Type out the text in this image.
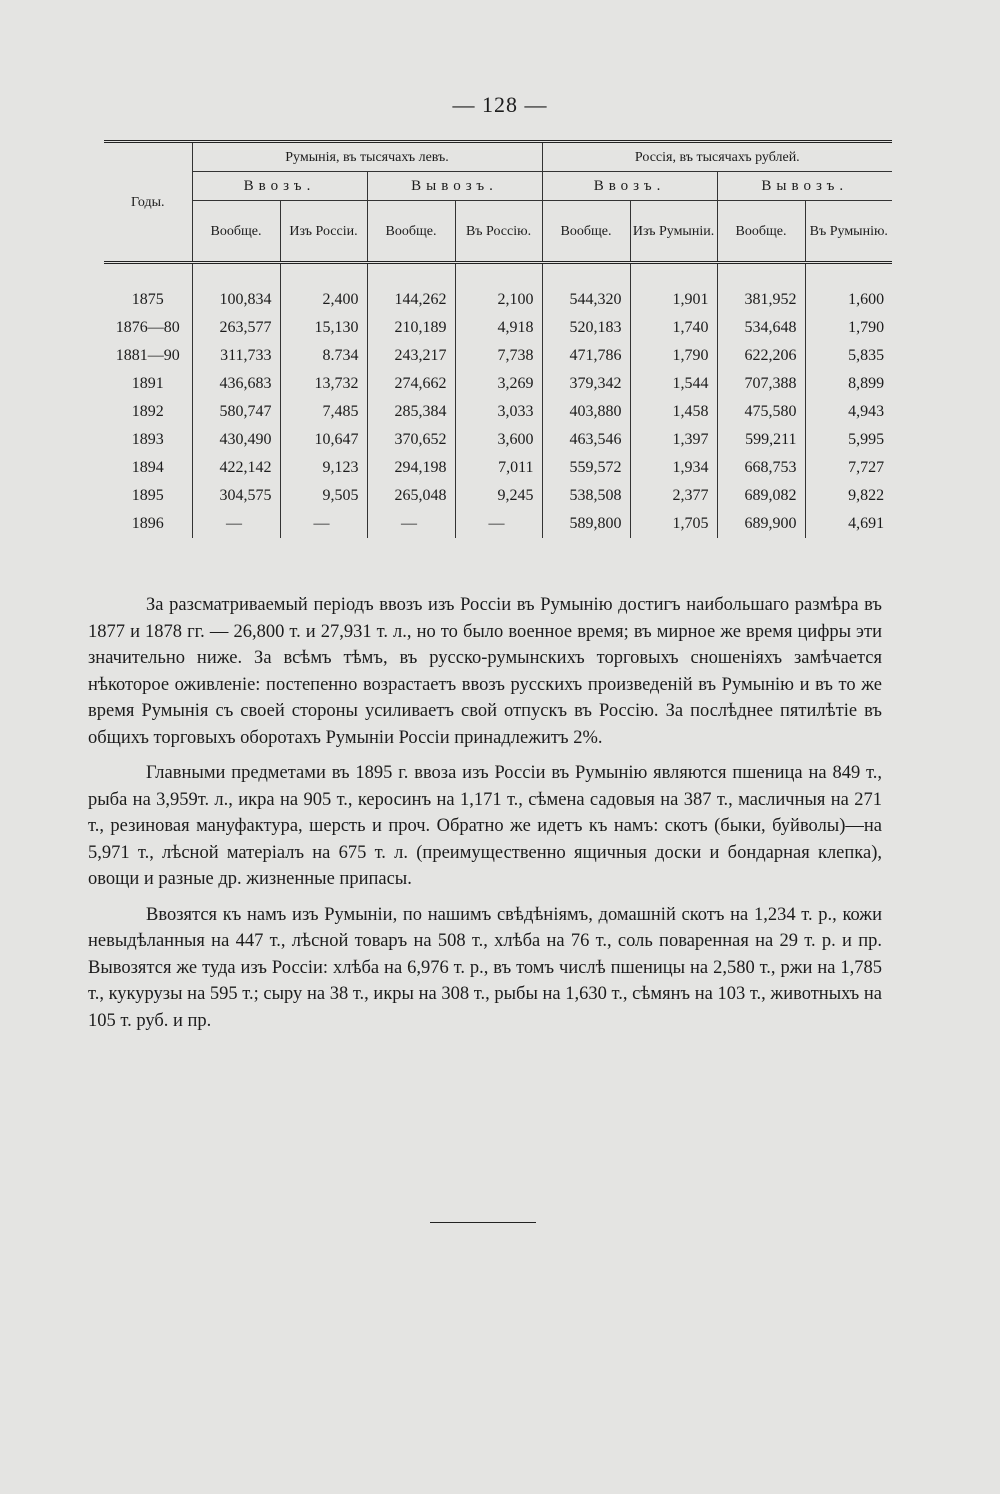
— 128 —
Годы.	Румынія, въ тысячахъ левъ.				Россія, въ тысячахъ рублей.			
	Ввозъ.		Вывозъ.		Ввозъ.		Вывозъ.	
	Вообще.	Изъ Россіи.	Вообще.	Въ Россію.	Вообще.	Изъ Румыніи.	Вообще.	Въ Румынію.

1875	100,834	2,400	144,262	2,100	544,320	1,901	381,952	1,600
1876—80	263,577	15,130	210,189	4,918	520,183	1,740	534,648	1,790
1881—90	311,733	8.734	243,217	7,738	471,786	1,790	622,206	5,835
1891	436,683	13,732	274,662	3,269	379,342	1,544	707,388	8,899
1892	580,747	7,485	285,384	3,033	403,880	1,458	475,580	4,943
1893	430,490	10,647	370,652	3,600	463,546	1,397	599,211	5,995
1894	422,142	9,123	294,198	7,011	559,572	1,934	668,753	7,727
1895	304,575	9,505	265,048	9,245	538,508	2,377	689,082	9,822
1896	—	—	—	—	589,800	1,705	689,900	4,691

За разсматриваемый періодъ ввозъ изъ Россіи въ Румынію достигъ наибольшаго размѣра въ 1877 и 1878 гг. — 26,800 т. и 27,931 т. л., но то было военное время; въ мирное же время цифры эти значительно ниже. За всѣмъ тѣмъ, въ русско-румынскихъ торговыхъ сношеніяхъ замѣчается нѣкоторое оживленіе: постепенно возрастаетъ ввозъ русскихъ произведеній въ Румынію и въ то же время Румынія съ своей стороны усиливаетъ свой отпускъ въ Россію. За послѣднее пятилѣтіе въ общихъ торговыхъ оборотахъ Румыніи Россіи принадлежитъ 2%.

Главными предметами въ 1895 г. ввоза изъ Россіи въ Румынію являются пшеница на 849 т., рыба на 3,959т. л., икра на 905 т., керосинъ на 1,171 т., сѣмена садовыя на 387 т., масличныя на 271 т., резиновая мануфактура, шерсть и проч. Обратно же идетъ къ намъ: скотъ (быки, буйволы)—на 5,971 т., лѣсной матеріалъ на 675 т. л. (преимущественно ящичныя доски и бондарная клепка), овощи и разные др. жизненные припасы.

Ввозятся къ намъ изъ Румыніи, по нашимъ свѣдѣніямъ, домашній скотъ на 1,234 т. р., кожи невыдѣланныя на 447 т., лѣсной товаръ на 508 т., хлѣба на 76 т., соль поваренная на 29 т. р. и пр. Вывозятся же туда изъ Россіи: хлѣба на 6,976 т. р., въ томъ числѣ пшеницы на 2,580 т., ржи на 1,785 т., кукурузы на 595 т.; сыру на 38 т., икры на 308 т., рыбы на 1,630 т., сѣмянъ на 103 т., животныхъ на 105 т. руб. и пр.
